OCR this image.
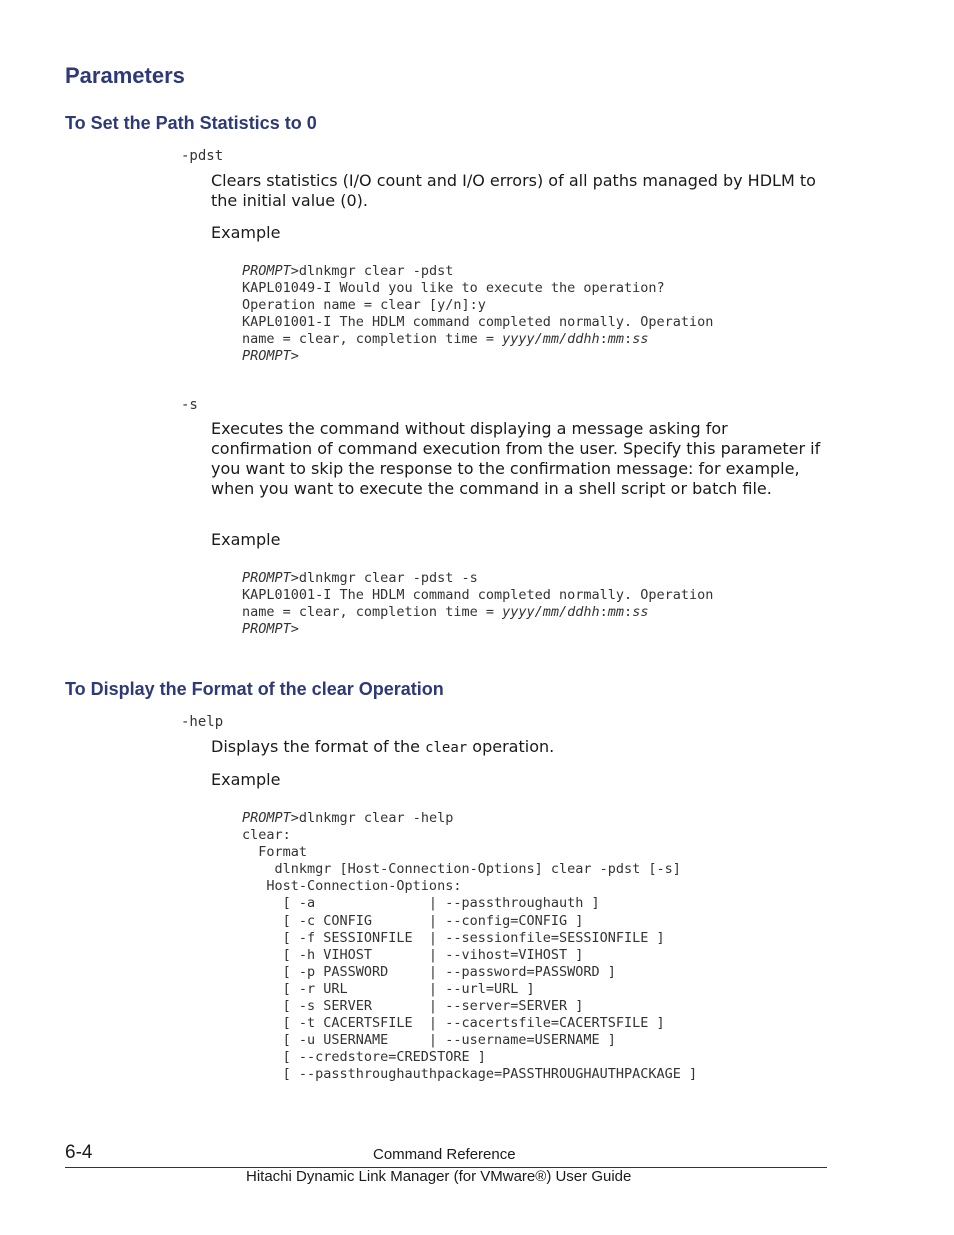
Parameters
To Set the Path Statistics to 0
-pdst

Clears statistics (I/O count and I/O errors) of all paths managed by HDLM to the initial value (0).

Example
PROMPT>dlnkmgr clear -pdst
KAPL01049-I Would you like to execute the operation?
Operation name = clear [y/n]:y
KAPL01001-I The HDLM command completed normally. Operation
name = clear, completion time = yyyy/mm/ddhh:mm:ss
PROMPT>
-s

Executes the command without displaying a message asking for confirmation of command execution from the user. Specify this parameter if you want to skip the response to the confirmation message: for example, when you want to execute the command in a shell script or batch file.

Example
PROMPT>dlnkmgr clear -pdst -s
KAPL01001-I The HDLM command completed normally. Operation
name = clear, completion time = yyyy/mm/ddhh:mm:ss
PROMPT>
To Display the Format of the clear Operation
-help

Displays the format of the clear operation.

Example
PROMPT>dlnkmgr clear -help
clear:
Format
dlnkmgr [Host-Connection-Options] clear -pdst [-s]
Host-Connection-Options:
[ -a              | --passthroughauth ]
[ -c CONFIG       | --config=CONFIG ]
[ -f SESSIONFILE  | --sessionfile=SESSIONFILE ]
[ -h VIHOST       | --vihost=VIHOST ]
[ -p PASSWORD     | --password=PASSWORD ]
[ -r URL          | --url=URL ]
[ -s SERVER       | --server=SERVER ]
[ -t CACERTSFILE  | --cacertsfile=CACERTSFILE ]
[ -u USERNAME     | --username=USERNAME ]
[ --credstore=CREDSTORE ]
[ --passthroughauthpackage=PASSTHROUGHAUTHPACKAGE ]
6-4	Command Reference
Hitachi Dynamic Link Manager (for VMware®) User Guide
